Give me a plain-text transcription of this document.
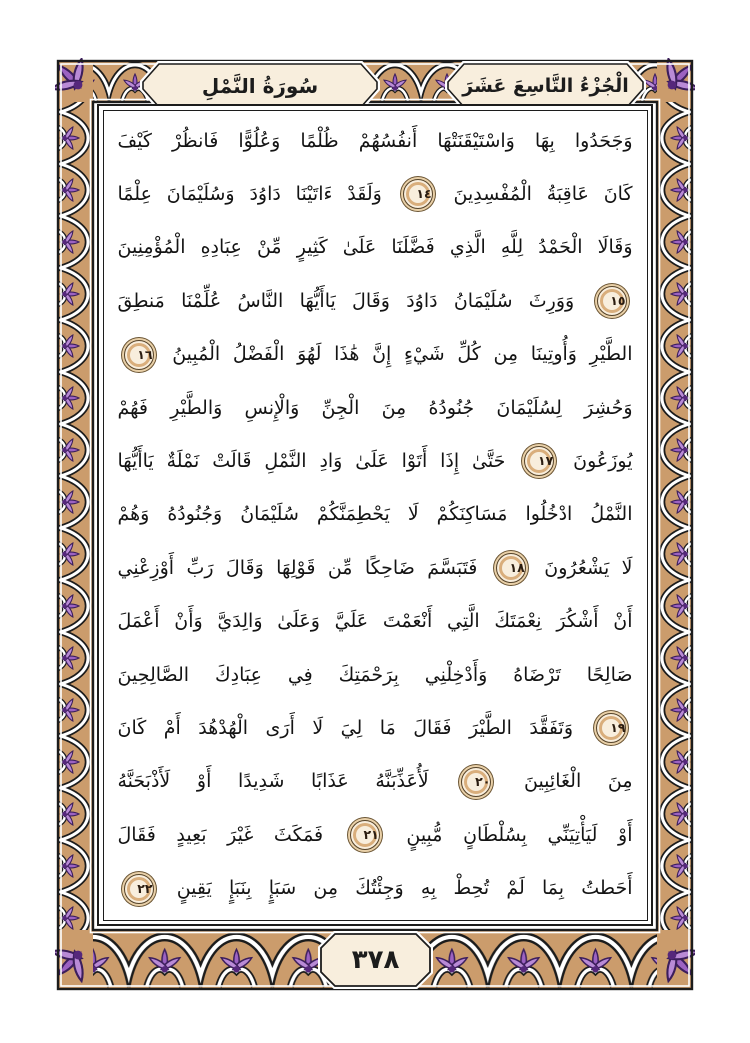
سُورَةُ النَّمْلِ	الْجُزْءُ التَّاسِعَ عَشَرَ
وَجَحَدُوا بِهَا وَاسْتَيْقَنَتْهَا أَنفُسُهُمْ ظُلْمًا وَعُلُوًّا فَانظُرْ كَيْفَ
كَانَ عَاقِبَةُ الْمُفْسِدِينَ ١٤ وَلَقَدْ ءَاتَيْنَا دَاوُدَ وَسُلَيْمَانَ عِلْمًا
وَقَالَا الْحَمْدُ لِلَّهِ الَّذِي فَضَّلَنَا عَلَىٰ كَثِيرٍ مِّنْ عِبَادِهِ الْمُؤْمِنِينَ
١٥ وَوَرِثَ سُلَيْمَانُ دَاوُدَ وَقَالَ يَاأَيُّهَا النَّاسُ عُلِّمْنَا مَنطِقَ
الطَّيْرِ وَأُوتِينَا مِن كُلِّ شَيْءٍ إِنَّ هَٰذَا لَهُوَ الْفَضْلُ الْمُبِينُ ١٦
وَحُشِرَ لِسُلَيْمَانَ جُنُودُهُ مِنَ الْجِنِّ وَالْإِنسِ وَالطَّيْرِ فَهُمْ
يُوزَعُونَ ١٧ حَتَّىٰ إِذَا أَتَوْا عَلَىٰ وَادِ النَّمْلِ قَالَتْ نَمْلَةٌ يَاأَيُّهَا
النَّمْلُ ادْخُلُوا مَسَاكِنَكُمْ لَا يَحْطِمَنَّكُمْ سُلَيْمَانُ وَجُنُودُهُ وَهُمْ
لَا يَشْعُرُونَ ١٨ فَتَبَسَّمَ ضَاحِكًا مِّن قَوْلِهَا وَقَالَ رَبِّ أَوْزِعْنِي
أَنْ أَشْكُرَ نِعْمَتَكَ الَّتِي أَنْعَمْتَ عَلَيَّ وَعَلَىٰ وَالِدَيَّ وَأَنْ أَعْمَلَ
صَالِحًا تَرْضَاهُ وَأَدْخِلْنِي بِرَحْمَتِكَ فِي عِبَادِكَ الصَّالِحِينَ
١٩ وَتَفَقَّدَ الطَّيْرَ فَقَالَ مَا لِيَ لَا أَرَى الْهُدْهُدَ أَمْ كَانَ
مِنَ الْغَائِبِينَ ٢٠ لَأُعَذِّبَنَّهُ عَذَابًا شَدِيدًا أَوْ لَأَذْبَحَنَّهُ
أَوْ لَيَأْتِيَنِّي بِسُلْطَانٍ مُّبِينٍ ٢١ فَمَكَثَ غَيْرَ بَعِيدٍ فَقَالَ
أَحَطتُ بِمَا لَمْ تُحِطْ بِهِ وَجِئْتُكَ مِن سَبَإٍ بِنَبَإٍ يَقِينٍ ٢٢
٣٧٨
